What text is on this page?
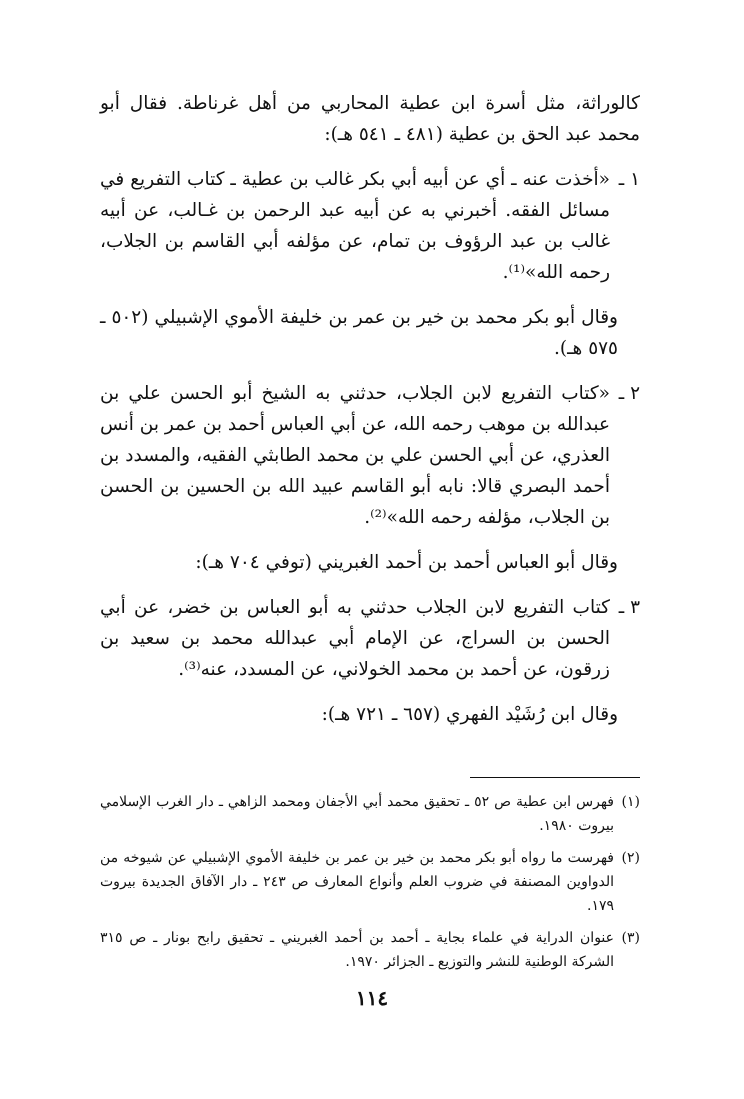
كالوراثة، مثل أسرة ابن عطية المحاربي من أهل غرناطة. فقال أبو محمد عبد الحق بن عطية (٤٨١ ـ ٥٤١ هـ):

١ ـ
«أخذت عنه ـ أي عن أبيه أبي بكر غالب بن عطية ـ كتاب التفريع في مسائل الفقه. أخبرني به عن أبيه عبد الرحمن بن غـالب، عن أبيه غالب بن عبد الرؤوف بن تمام، عن مؤلفه أبي القاسم بن الجلاب، رحمه الله»⁽¹⁾.

وقال أبو بكر محمد بن خير بن عمر بن خليفة الأموي الإشبيلي (٥٠٢ ـ ٥٧٥ هـ).

٢ ـ
«كتاب التفريع لابن الجلاب، حدثني به الشيخ أبو الحسن علي بن عبدالله بن موهب رحمه الله، عن أبي العباس أحمد بن عمر بن أنس العذري، عن أبي الحسن علي بن محمد الطابثي الفقيه، والمسدد بن أحمد البصري قالا: نابه أبو القاسم عبيد الله بن الحسين بن الحسن بن الجلاب، مؤلفه رحمه الله»⁽²⁾.

وقال أبو العباس أحمد بن أحمد الغبريني (توفي ٧٠٤ هـ):

٣ ـ
كتاب التفريع لابن الجلاب حدثني به أبو العباس بن خضر، عن أبي الحسن بن السراج، عن الإمام أبي عبدالله محمد بن سعيد بن زرقون، عن أحمد بن محمد الخولاني، عن المسدد، عنه⁽³⁾.

وقال ابن رُشَيْد الفهري (٦٥٧ ـ ٧٢١ هـ):

(١)
فهرس ابن عطية ص ٥٢ ـ تحقيق محمد أبي الأجفان ومحمد الزاهي ـ دار الغرب الإسلامي بيروت ١٩٨٠.

(٢)
فهرست ما رواه أبو بكر محمد بن خير بن عمر بن خليفة الأموي الإشبيلي عن شيوخه من الدواوين المصنفة في ضروب العلم وأنواع المعارف ص ٢٤٣ ـ دار الآفاق الجديدة بيروت ١٧٩.

(٣)
عنوان الدراية في علماء بجاية ـ أحمد بن أحمد الغبريني ـ تحقيق رابح بونار ـ ص ٣١٥ الشركة الوطنية للنشر والتوزيع ـ الجزائر ١٩٧٠.

١١٤
